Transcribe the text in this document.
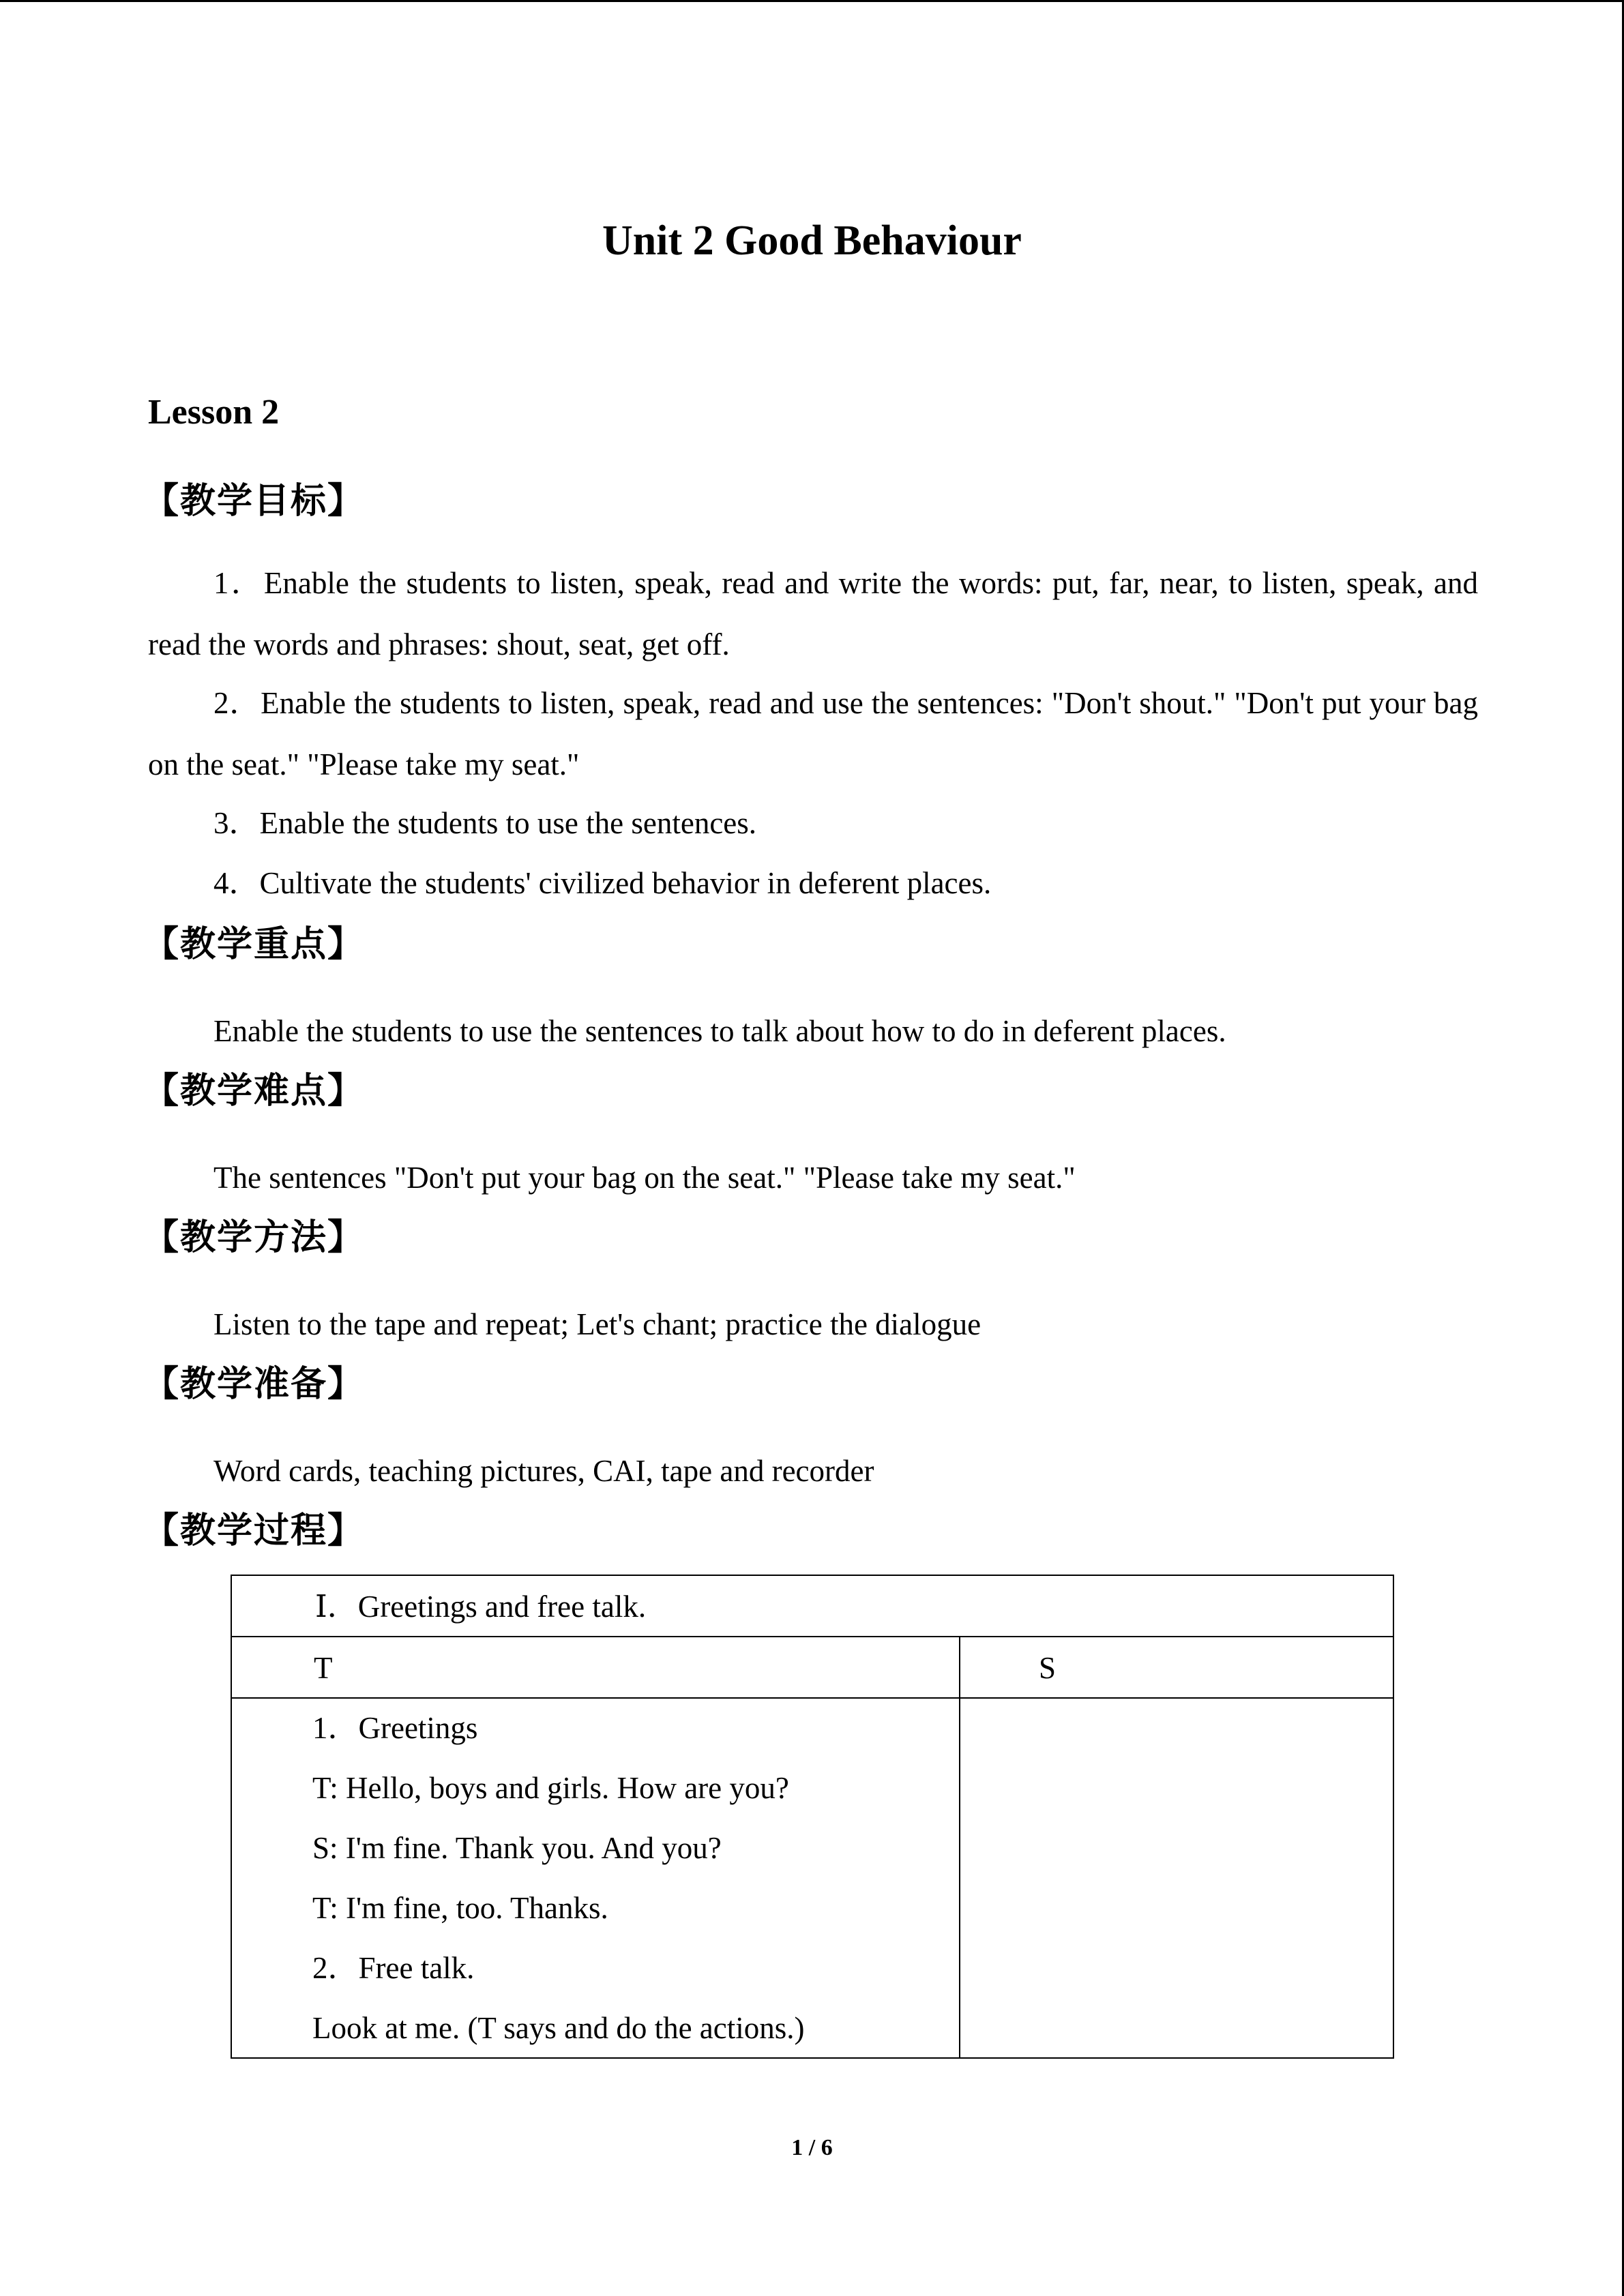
Unit 2 Good Behaviour
Lesson 2
【教学目标】
1．Enable the students to listen, speak, read and write the words: put, far, near, to listen, speak, and read the words and phrases: shout, seat, get off.
2．Enable the students to listen, speak, read and use the sentences: "Don't shout." "Don't put your bag on the seat." "Please take my seat."
3．Enable the students to use the sentences.
4．Cultivate the students' civilized behavior in deferent places.
【教学重点】
Enable the students to use the sentences to talk about how to do in deferent places.
【教学难点】
The sentences "Don't put your bag on the seat." "Please take my seat."
【教学方法】
Listen to the tape and repeat; Let's chant; practice the dialogue
【教学准备】
Word cards, teaching pictures, CAI, tape and recorder
【教学过程】
Ⅰ．Greetings and free talk.
T	S
1．Greetings
T: Hello, boys and girls. How are you?
S: I'm fine. Thank you. And you?
T: I'm fine, too. Thanks.
2．Free talk.
Look at me. (T says and do the actions.)
1 / 6
